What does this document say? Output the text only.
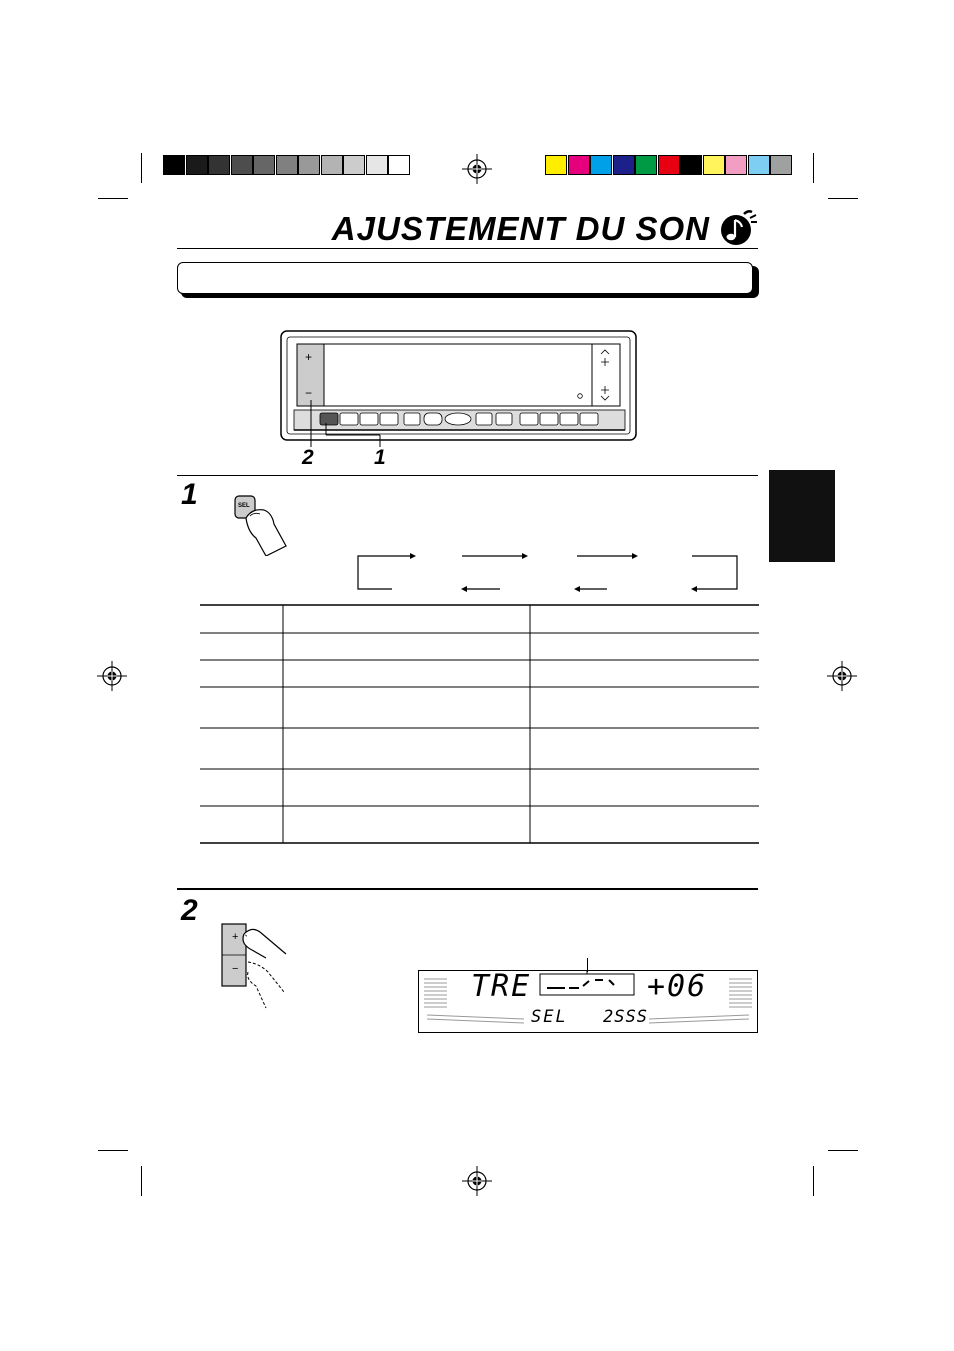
AJUSTEMENT DU SON
+
−
2	1
1	SEL
2
+
−	TRE	+06
SEL 2SSS
